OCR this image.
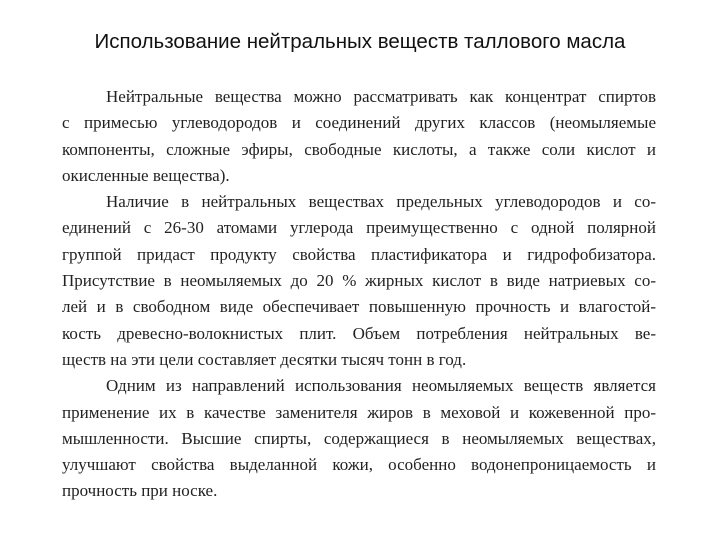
Использование нейтральных веществ таллового масла

Нейтральные вещества можно рассматривать как концентрат спиртов
с примесью углеводородов и соединений других классов (неомыляемые
компоненты, сложные эфиры, свободные кислоты, а также соли кислот и
окисленные вещества).

Наличие в нейтральных веществах предельных углеводородов и со-
единений с 26-30 атомами углерода преимущественно с одной полярной
группой придаст продукту свойства пластификатора и гидрофобизатора.
Присутствие в неомыляемых до 20 % жирных кислот в виде натриевых со-
лей и в свободном виде обеспечивает повышенную прочность и влагостой-
кость древесно-волокнистых плит. Объем потребления нейтральных ве-
ществ на эти цели составляет десятки тысяч тонн в год.

Одним из направлений использования неомыляемых веществ является
применение их в качестве заменителя жиров в меховой и кожевенной про-
мышленности. Высшие спирты, содержащиеся в неомыляемых веществах,
улучшают свойства выделанной кожи, особенно водонепроницаемость и
прочность при носке.
